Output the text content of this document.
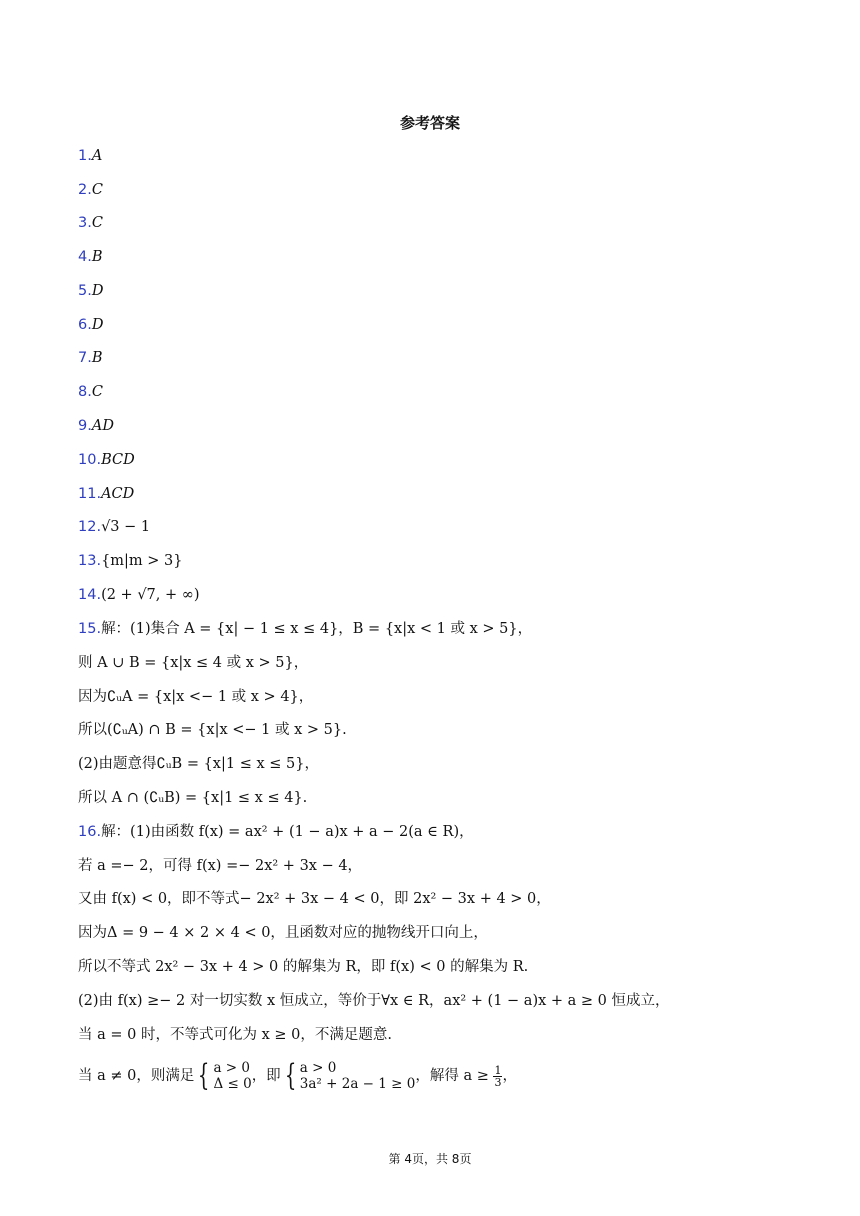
参考答案
1.A
2.C
3.C
4.B
5.D
6.D
7.B
8.C
9.AD
10.BCD
11.ACD
12.√3 − 1
13.{m|m > 3}
14.(2 + √7, + ∞)
15.解：(1)集合 A = {x| − 1 ≤ x ≤ 4}，B = {x|x < 1 或 x > 5}，
则 A ∪ B = {x|x ≤ 4 或 x > 5}，
因为∁ᵤA = {x|x <− 1 或 x > 4}，
所以(∁ᵤA) ∩ B = {x|x <− 1 或 x > 5}.
(2)由题意得∁ᵤB = {x|1 ≤ x ≤ 5}，
所以 A ∩ (∁ᵤB) = {x|1 ≤ x ≤ 4}.
16.解：(1)由函数 f(x) = ax² + (1 − a)x + a − 2(a ∈ R)，
若 a =− 2，可得 f(x) =− 2x² + 3x − 4，
又由 f(x) < 0，即不等式− 2x² + 3x − 4 < 0，即 2x² − 3x + 4 > 0，
因为Δ = 9 − 4 × 2 × 4 < 0，且函数对应的抛物线开口向上，
所以不等式 2x² − 3x + 4 > 0 的解集为 R，即 f(x) < 0 的解集为 R.
(2)由 f(x) ≥− 2 对一切实数 x 恒成立，等价于∀x ∈ R，ax² + (1 − a)x + a ≥ 0 恒成立，
当 a = 0 时，不等式可化为 x ≥ 0，不满足题意.
当 a ≠ 0，则满足 { a > 0
Δ ≤ 0 ，即 { a > 0
3a² + 2a − 1 ≥ 0 ，解得 $a \ge \frac{1}{3}$ ，
第 4页，共 8页
